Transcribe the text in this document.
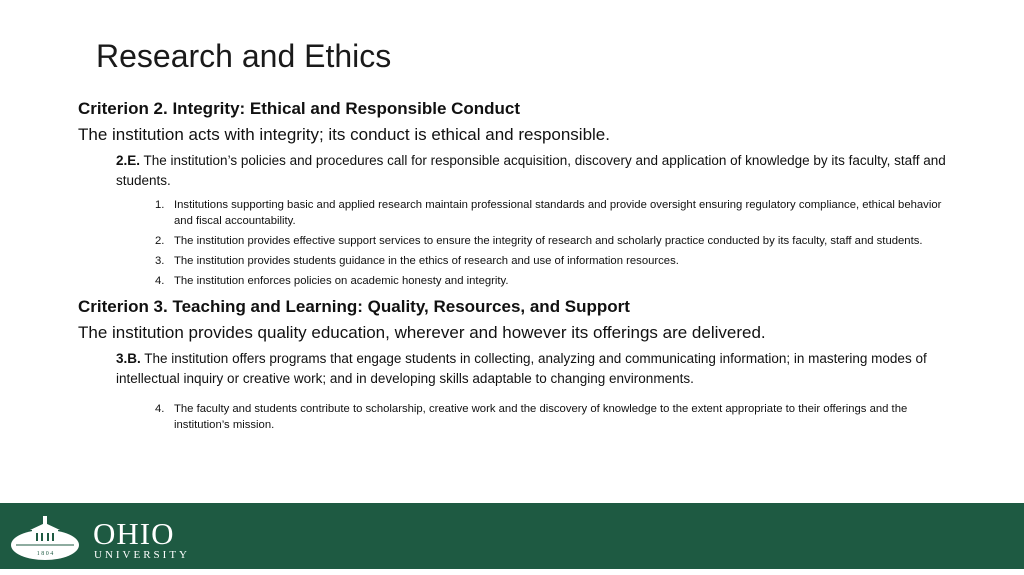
Research and Ethics
Criterion 2. Integrity: Ethical and Responsible Conduct
The institution acts with integrity; its conduct is ethical and responsible.
2.E. The institution’s policies and procedures call for responsible acquisition, discovery and application of knowledge by its faculty, staff and students.
1. Institutions supporting basic and applied research maintain professional standards and provide oversight ensuring regulatory compliance, ethical behavior and fiscal accountability.
2. The institution provides effective support services to ensure the integrity of research and scholarly practice conducted by its faculty, staff and students.
3. The institution provides students guidance in the ethics of research and use of information resources.
4. The institution enforces policies on academic honesty and integrity.
Criterion 3. Teaching and Learning: Quality, Resources, and Support
The institution provides quality education, wherever and however its offerings are delivered.
3.B. The institution offers programs that engage students in collecting, analyzing and communicating information; in mastering modes of intellectual inquiry or creative work; and in developing skills adaptable to changing environments.
4. The faculty and students contribute to scholarship, creative work and the discovery of knowledge to the extent appropriate to their offerings and the institution’s mission.
1 8 0 4
OHIO
UNIVERSITY
